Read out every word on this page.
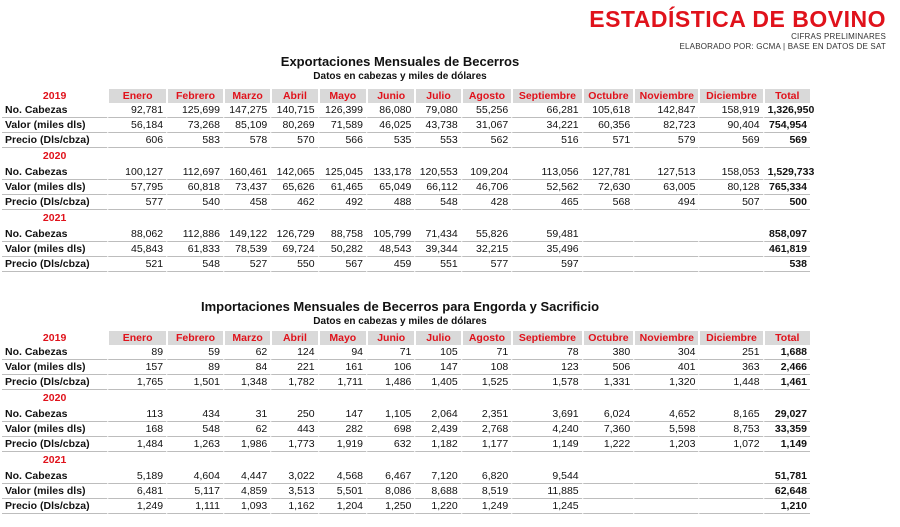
ESTADÍSTICA DE BOVINO
CIFRAS PRELIMINARES
ELABORADO POR: GCMA | BASE EN DATOS DE SAT
Exportaciones Mensuales de Becerros
Datos en cabezas y miles de dólares
2019	Enero	Febrero	Marzo	Abril	Mayo	Junio	Julio	Agosto	Septiembre	Octubre	Noviembre	Diciembre	Total
No. Cabezas	92,781	125,699	147,275	140,715	126,399	86,080	79,080	55,256	66,281	105,618	142,847	158,919	1,326,950
Valor (miles dls)	56,184	73,268	85,109	80,269	71,589	46,025	43,738	31,067	34,221	60,356	82,723	90,404	754,954
Precio (Dls/cbza)	606	583	578	570	566	535	553	562	516	571	579	569	569
2020													
No. Cabezas	100,127	112,697	160,461	142,065	125,045	133,178	120,553	109,204	113,056	127,781	127,513	158,053	1,529,733
Valor (miles dls)	57,795	60,818	73,437	65,626	61,465	65,049	66,112	46,706	52,562	72,630	63,005	80,128	765,334
Precio (Dls/cbza)	577	540	458	462	492	488	548	428	465	568	494	507	500
2021													
No. Cabezas	88,062	112,886	149,122	126,729	88,758	105,799	71,434	55,826	59,481				858,097
Valor (miles dls)	45,843	61,833	78,539	69,724	50,282	48,543	39,344	32,215	35,496				461,819
Precio (Dls/cbza)	521	548	527	550	567	459	551	577	597				538
Importaciones Mensuales de Becerros para Engorda y Sacrificio
Datos en cabezas y miles de dólares
2019	Enero	Febrero	Marzo	Abril	Mayo	Junio	Julio	Agosto	Septiembre	Octubre	Noviembre	Diciembre	Total
No. Cabezas	89	59	62	124	94	71	105	71	78	380	304	251	1,688
Valor (miles dls)	157	89	84	221	161	106	147	108	123	506	401	363	2,466
Precio (Dls/cbza)	1,765	1,501	1,348	1,782	1,711	1,486	1,405	1,525	1,578	1,331	1,320	1,448	1,461
2020													
No. Cabezas	113	434	31	250	147	1,105	2,064	2,351	3,691	6,024	4,652	8,165	29,027
Valor (miles dls)	168	548	62	443	282	698	2,439	2,768	4,240	7,360	5,598	8,753	33,359
Precio (Dls/cbza)	1,484	1,263	1,986	1,773	1,919	632	1,182	1,177	1,149	1,222	1,203	1,072	1,149
2021													
No. Cabezas	5,189	4,604	4,447	3,022	4,568	6,467	7,120	6,820	9,544				51,781
Valor (miles dls)	6,481	5,117	4,859	3,513	5,501	8,086	8,688	8,519	11,885				62,648
Precio (Dls/cbza)	1,249	1,111	1,093	1,162	1,204	1,250	1,220	1,249	1,245				1,210
